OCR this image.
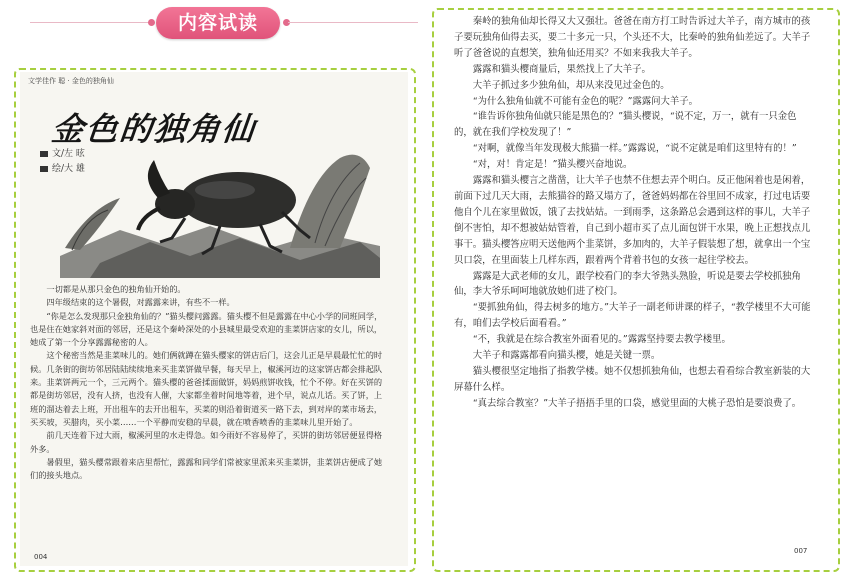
内容试读
文学佳作 聪 · 金色的独角仙
金色的独角仙
文/左 昡
绘/大 雄

一切都是从那只金色的独角仙开始的。

四年级结束的这个暑假，对露露来讲，有些不一样。

“你是怎么发现那只金独角仙的？”猫头樱问露露。猫头樱不但是露露在中心小学的同班同学，也是住在她家斜对面的邻居，还是这个秦岭深处的小县城里最受欢迎的韭菜饼店家的女儿，所以，她成了第一个分享露露秘密的人。

这个秘密当然是韭菜味儿的。她们俩就蹲在猫头樱家的饼店后门，这会儿正是早晨最忙忙的时候。几条街的街坊邻居陆陆续续地来买韭菜饼做早餐，每天早上，椒溪河边的这家饼店都会排起队来。韭菜饼两元一个，三元两个。猫头樱的爸爸揉面做饼，妈妈煎饼收钱，忙个不停。好在买饼的都是街坊邻居，没有人挤，也没有人催，大家都坐着时间地等着，进个早，说点儿话。买了饼，上班的溜达着去上班，开出租车的去开出租车，买菜的则沿着街道买一路下去，到对岸的菜市场去，买买坡，买腊肉，买小菜……一个平静而安稳的早晨，就在喷香喷香的韭菜味儿里开始了。

前几天连着下过大雨，椒溪河里的水走得急。如今雨好不容易停了，买饼的街坊邻居便显得格外多。

暑假里，猫头樱常跟着来店里帮忙，露露和同学们常被家里派来买韭菜饼，韭菜饼店便成了她们的接头地点。

004

秦岭的独角仙却长得又大又强壮。爸爸在南方打工时告诉过大羊子，南方城市的孩子要玩独角仙得去买，要二十多元一只，个头还不大，比秦岭的独角仙差远了。大羊子听了爸爸说的直想笑，独角仙还用买？不如来我我大羊子。

露露和猫头樱商量后，果然找上了大羊子。

大羊子抓过多少独角仙，却从来没见过金色的。

“为什么独角仙就不可能有金色的呢？”露露问大羊子。

“谁告诉你独角仙就只能是黑色的？”猫头樱说，“说不定，万一，就有一只金色的，就在我们学校发现了！”

“对啊，就像当年发现极大熊猫一样。”露露说，“说不定就是咱们这里特有的！”

“对，对！肯定是！”猫头樱兴奋地说。

露露和猫头樱言之凿凿，让大羊子也禁不住想去弄个明白。反正他闲着也是闲着，前面下过几天大雨，去熊猫谷的路又塌方了，爸爸妈妈都在谷里回不成家，打过电话要他自个儿在家里做饭，饿了去找姑姑。一到雨季，这条路总会遇到这样的事儿，大羊子倒不害怕，却不想被姑姑管着，自己到小超市买了点儿面包饼干水果，晚上正想找点儿事干。猫头樱答应明天送他两个韭菜饼，多加肉的，大羊子假装想了想，就拿出一个宝贝口袋，在里面装上几样东西，跟着两个背着书包的女孩一起往学校去。

露露是大武老师的女儿，跟学校看门的李大爷熟头熟脸，听说是要去学校抓独角仙，李大爷乐呵呵地就放她们进了校门。

“要抓独角仙，得去树多的地方。”大羊子一副老师讲课的样子，“教学楼里不大可能有，咱们去学校后面看看。”

“不，我就是在综合教室外面看见的。”露露坚持要去教学楼里。

大羊子和露露都看向猫头樱，她是关键一票。

猫头樱很坚定地指了指教学楼。她不仅想抓独角仙，也想去看看综合教室新装的大屏幕什么样。

“真去综合教室？”大羊子捂捂手里的口袋，感觉里面的大桃子恐怕是要浪费了。

007
